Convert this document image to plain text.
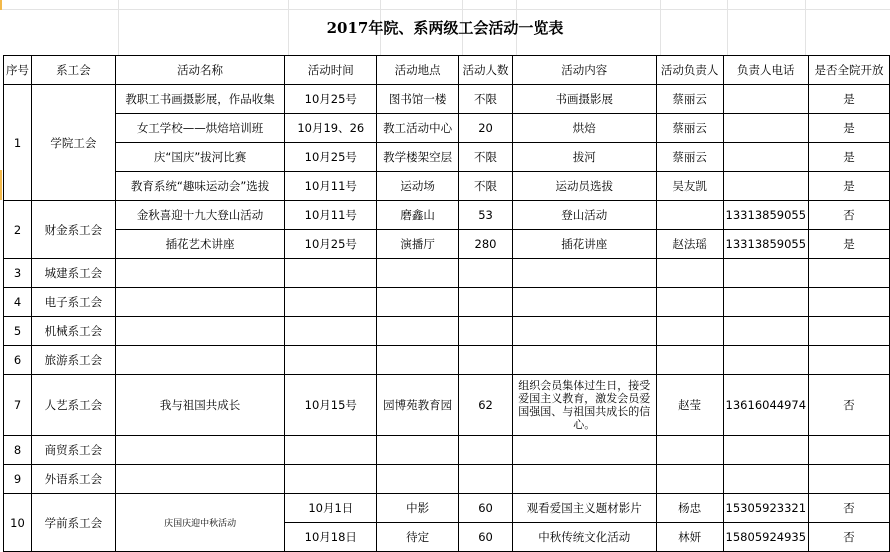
2017年院、系两级工会活动一览表
序号	系工会	活动名称	活动时间	活动地点	活动人数	活动内容	活动负责人	负责人电话	是否全院开放
1	学院工会	教职工书画摄影展，作品收集	10月25号	图书馆一楼	不限	书画摄影展	蔡丽云		是
		女工学校——烘焙培训班	10月19、26	教工活动中心	20	烘焙	蔡丽云		是
		庆“国庆”拔河比赛	10月25号	教学楼架空层	不限	拔河	蔡丽云		是
		教育系统“趣味运动会”选拔	10月11号	运动场	不限	运动员选拔	吴友凯		是
2	财金系工会	金秋喜迎十九大登山活动	10月11号	磨鑫山	53	登山活动		13313859055	否
		插花艺术讲座	10月25号	演播厅	280	插花讲座	赵法瑶	13313859055	是
3	城建系工会								
4	电子系工会								
5	机械系工会								
6	旅游系工会								
7	人艺系工会	我与祖国共成长	10月15号	园博苑教育园	62	组织会员集体过生日，接受爱国主义教育，激发会员爱国强国、与祖国共成长的信心。	赵莹	13616044974	否
8	商贸系工会								
9	外语系工会								
10	学前系工会	庆国庆迎中秋活动	10月1日	中影	60	观看爱国主义题材影片	杨忠	15305923321	否
			10月18日	待定	60	中秋传统文化活动	林妍	15805924935	否
